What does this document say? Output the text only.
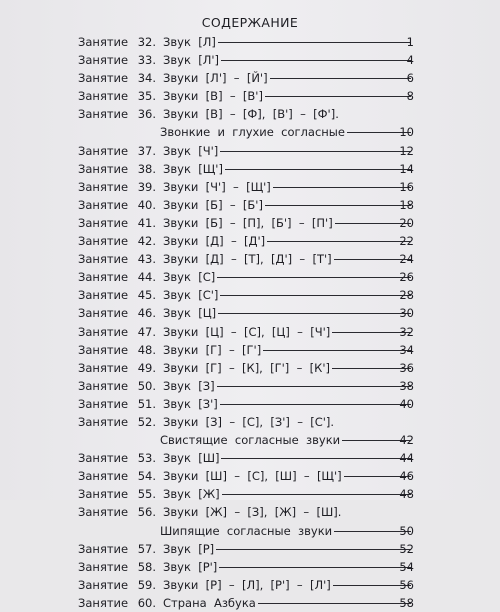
СОДЕРЖАНИЕ
Занятие 32. Звук  [Л]	1
Занятие 33. Звук  [Л']	4
Занятие 34. Звуки  [Л']  –  [Й']	6
Занятие 35. Звуки  [В]  –  [В']	8
Занятие 36. Звуки  [В]  –  [Ф],  [В']  –  [Ф'].
Звонкие  и  глухие  согласные	10
Занятие 37. Звук  [Ч']	12
Занятие 38. Звук  [Щ']	14
Занятие 39. Звуки  [Ч']  –  [Щ']	16
Занятие 40. Звуки  [Б]  –  [Б']	18
Занятие 41. Звуки  [Б]  –  [П],  [Б']  –  [П']	20
Занятие 42. Звуки  [Д]  –  [Д']	22
Занятие 43. Звуки  [Д]  –  [Т],  [Д']  –  [Т']	24
Занятие 44. Звук  [С]	26
Занятие 45. Звук  [С']	28
Занятие 46. Звук  [Ц]	30
Занятие 47. Звуки  [Ц]  –  [С],  [Ц]  –  [Ч']	32
Занятие 48. Звуки  [Г]  –  [Г']	34
Занятие 49. Звуки  [Г]  –  [К],  [Г']  –  [К']	36
Занятие 50. Звук  [З]	38
Занятие 51. Звук  [З']	40
Занятие 52. Звуки  [З]  –  [С],  [З']  –  [С'].
Свистящие  согласные  звуки	42
Занятие 53. Звук  [Ш]	44
Занятие 54. Звуки  [Ш]  –  [С],  [Ш]  –  [Щ']	46
Занятие 55. Звук  [Ж]	48
Занятие 56. Звуки  [Ж]  –  [З],  [Ж]  –  [Ш].
Шипящие  согласные  звуки	50
Занятие 57. Звук  [Р]	52
Занятие 58. Звук  [Р']	54
Занятие 59. Звуки  [Р]  –  [Л],  [Р']  –  [Л']	56
Занятие 60. Страна  Азбука	58
